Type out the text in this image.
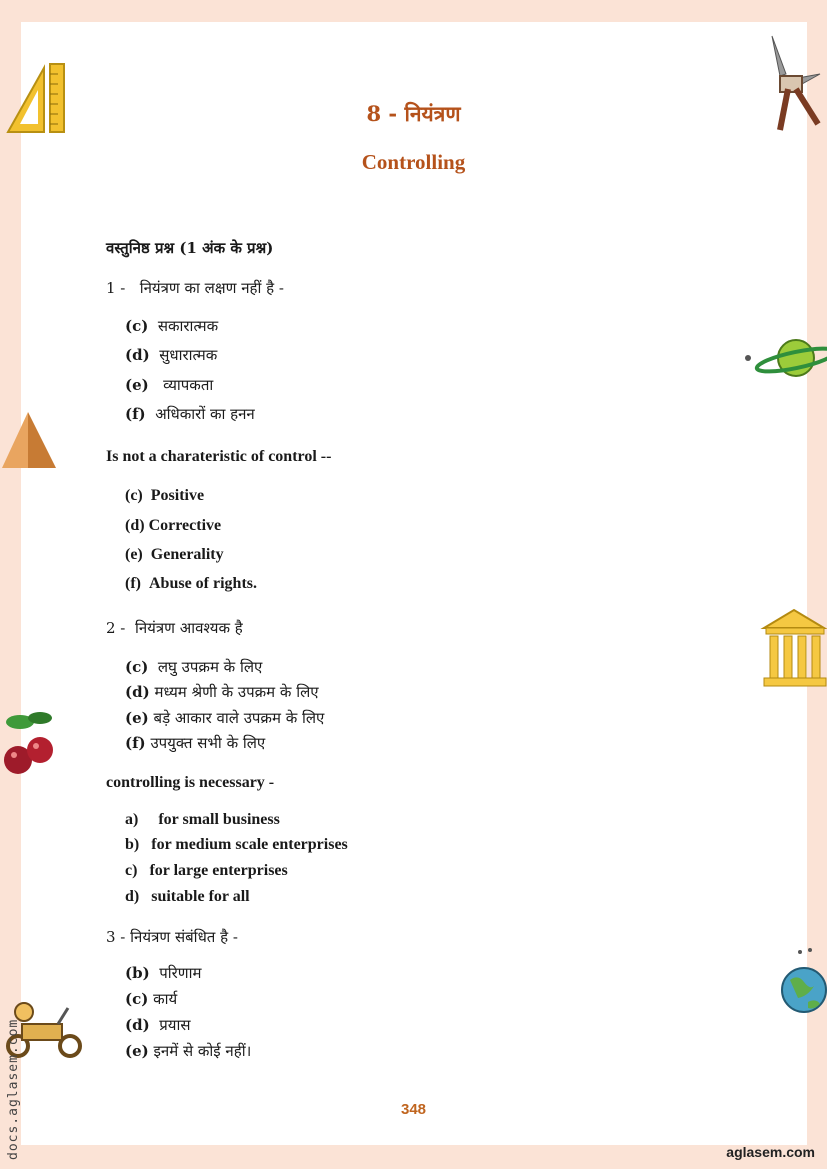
8 - नियंत्रण
Controlling
वस्तुनिष्ठ प्रश्न (1 अंक के प्रश्न)
1 - नियंत्रण का लक्षण नहीं है -
(c) सकारात्मक
(d) सुधारात्मक
(e) व्यापकता
(f) अधिकारों का हनन
Is not a charateristic of control --
(c) Positive
(d) Corrective
(e) Generality
(f) Abuse of rights.
2 - नियंत्रण आवश्यक है
(c) लघु उपक्रम के लिए
(d) मध्यम श्रेणी के उपक्रम के लिए
(e) बड़े आकार वाले उपक्रम के लिए
(f) उपयुक्त सभी के लिए
controlling is necessary -
a) for small business
b) for medium scale enterprises
c) for large enterprises
d) suitable for all
3 - नियंत्रण संबंधित है -
(b) परिणाम
(c) कार्य
(d) प्रयास
(e) इनमें से कोई नहीं।
348
aglasem.com
docs.aglasem.com
